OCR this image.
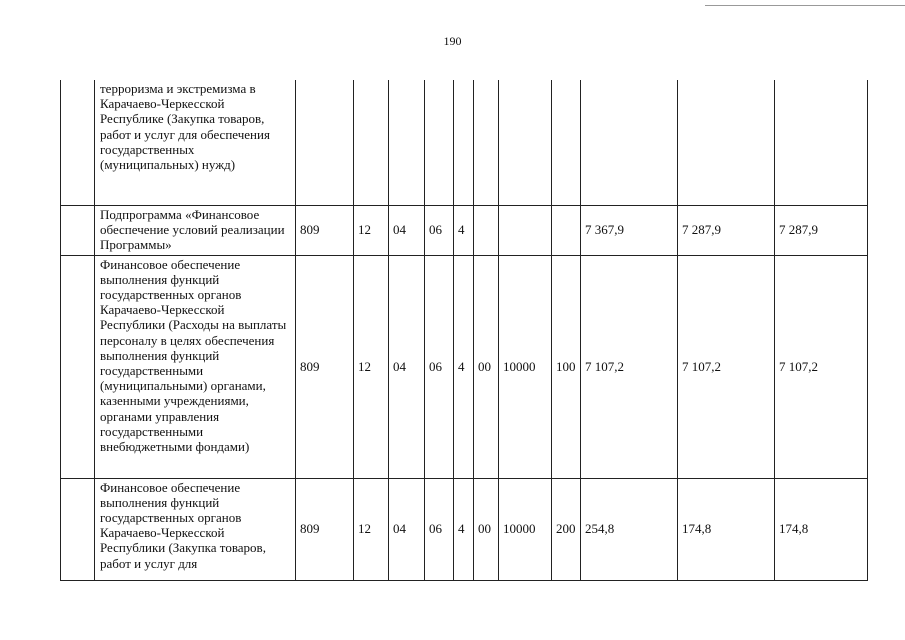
190
	терроризма и экстремизма в Карачаево-Черкесской Республике (Закупка товаров, работ и услуг для обеспечения государственных (муниципальных) нужд)											
	Подпрограмма «Финансовое обеспечение условий реализации Программы»	809	12	04	06	4				7 367,9	7 287,9	7 287,9
	Финансовое обеспечение выполнения функций государственных органов Карачаево-Черкесской Республики (Расходы на выплаты персоналу в целях обеспечения выполнения функций государственными (муниципальными) органами, казенными учреждениями, органами управления государственными внебюджетными фондами)	809	12	04	06	4	00	10000	100	7 107,2	7 107,2	7 107,2
	Финансовое обеспечение выполнения функций государственных органов Карачаево-Черкесской Республики (Закупка товаров, работ и услуг для	809	12	04	06	4	00	10000	200	254,8	174,8	174,8
